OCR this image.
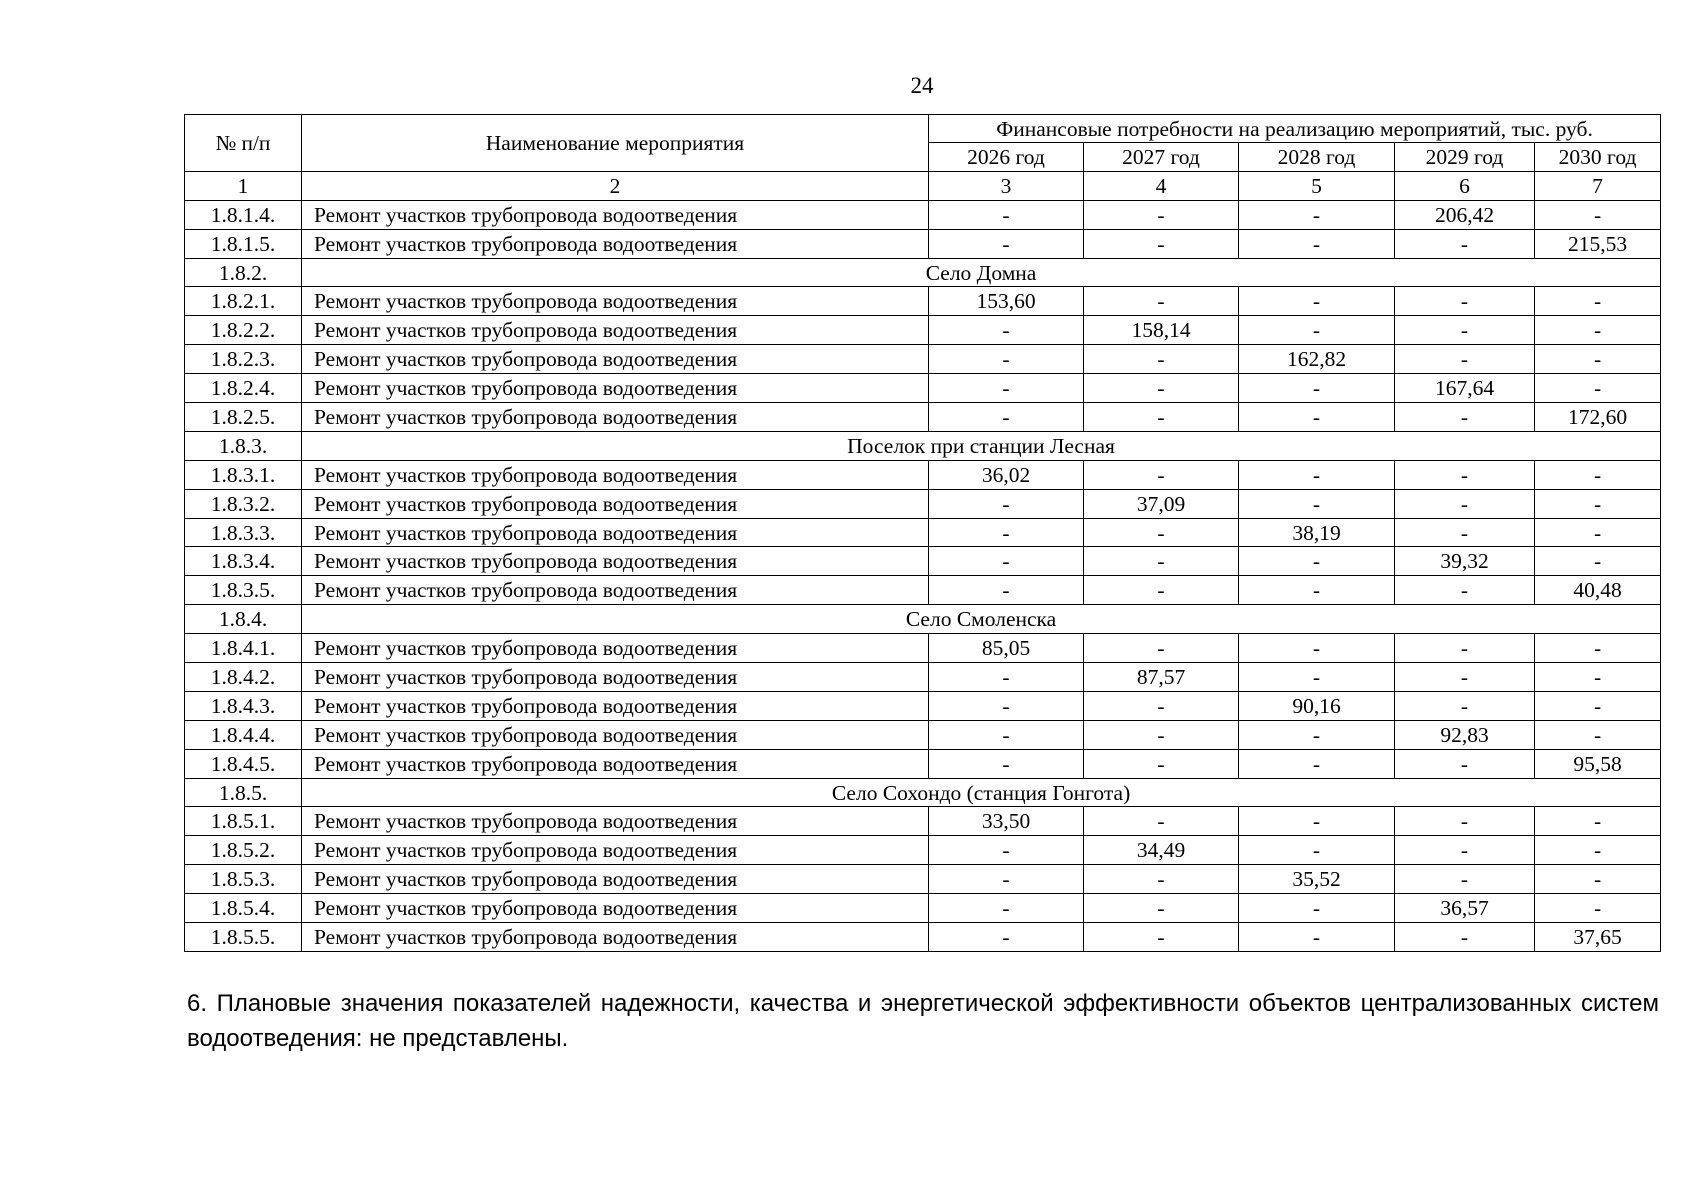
24
№ п/п	Наименование мероприятия	Финансовые потребности на реализацию мероприятий, тыс. руб.				
		2026 год	2027 год	2028 год	2029 год	2030 год
1	2	3	4	5	6	7
1.8.1.4.	Ремонт участков трубопровода водоотведения	-	-	-	206,42	-
1.8.1.5.	Ремонт участков трубопровода водоотведения	-	-	-	-	215,53
1.8.2.	Село Домна					
1.8.2.1.	Ремонт участков трубопровода водоотведения	153,60	-	-	-	-
1.8.2.2.	Ремонт участков трубопровода водоотведения	-	158,14	-	-	-
1.8.2.3.	Ремонт участков трубопровода водоотведения	-	-	162,82	-	-
1.8.2.4.	Ремонт участков трубопровода водоотведения	-	-	-	167,64	-
1.8.2.5.	Ремонт участков трубопровода водоотведения	-	-	-	-	172,60
1.8.3.	Поселок при станции Лесная					
1.8.3.1.	Ремонт участков трубопровода водоотведения	36,02	-	-	-	-
1.8.3.2.	Ремонт участков трубопровода водоотведения	-	37,09	-	-	-
1.8.3.3.	Ремонт участков трубопровода водоотведения	-	-	38,19	-	-
1.8.3.4.	Ремонт участков трубопровода водоотведения	-	-	-	39,32	-
1.8.3.5.	Ремонт участков трубопровода водоотведения	-	-	-	-	40,48
1.8.4.	Село Смоленска					
1.8.4.1.	Ремонт участков трубопровода водоотведения	85,05	-	-	-	-
1.8.4.2.	Ремонт участков трубопровода водоотведения	-	87,57	-	-	-
1.8.4.3.	Ремонт участков трубопровода водоотведения	-	-	90,16	-	-
1.8.4.4.	Ремонт участков трубопровода водоотведения	-	-	-	92,83	-
1.8.4.5.	Ремонт участков трубопровода водоотведения	-	-	-	-	95,58
1.8.5.	Село Сохондо (станция Гонгота)					
1.8.5.1.	Ремонт участков трубопровода водоотведения	33,50	-	-	-	-
1.8.5.2.	Ремонт участков трубопровода водоотведения	-	34,49	-	-	-
1.8.5.3.	Ремонт участков трубопровода водоотведения	-	-	35,52	-	-
1.8.5.4.	Ремонт участков трубопровода водоотведения	-	-	-	36,57	-
1.8.5.5.	Ремонт участков трубопровода водоотведения	-	-	-	-	37,65
6. Плановые значения показателей надежности, качества и энергетической эффективности объектов централизованных систем водоотведения: не представлены.
